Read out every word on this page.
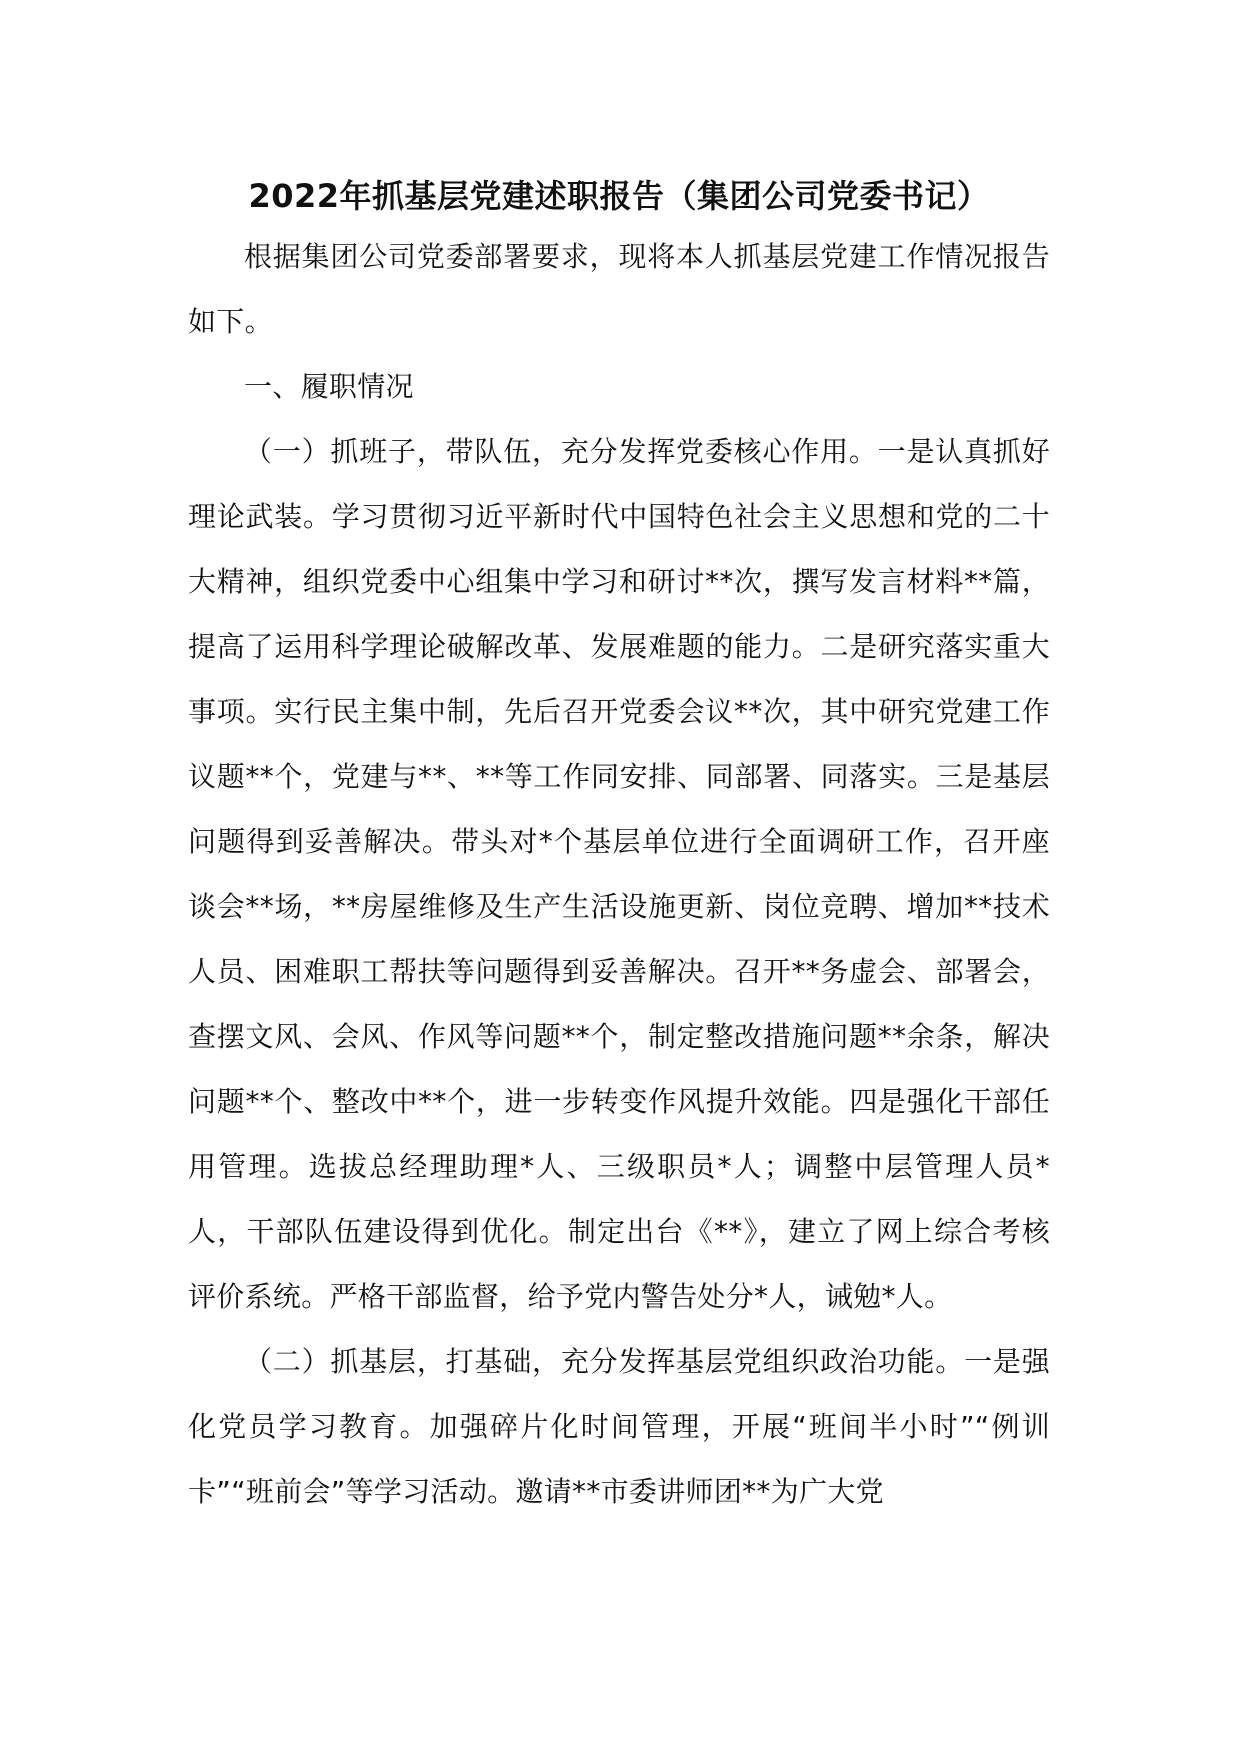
2022年抓基层党建述职报告（集团公司党委书记）

根据集团公司党委部署要求，现将本人抓基层党建工作情况报告如下。

一、履职情况

（一）抓班子，带队伍，充分发挥党委核心作用。一是认真抓好理论武装。学习贯彻习近平新时代中国特色社会主义思想和党的二十大精神，组织党委中心组集中学习和研讨**次，撰写发言材料**篇，提高了运用科学理论破解改革、发展难题的能力。二是研究落实重大事项。实行民主集中制，先后召开党委会议**次，其中研究党建工作议题**个，党建与**、**等工作同安排、同部署、同落实。三是基层问题得到妥善解决。带头对*个基层单位进行全面调研工作，召开座谈会**场，**房屋维修及生产生活设施更新、岗位竞聘、增加**技术人员、困难职工帮扶等问题得到妥善解决。召开**务虚会、部署会，查摆文风、会风、作风等问题**个，制定整改措施问题**余条，解决问题**个、整改中**个，进一步转变作风提升效能。四是强化干部任用管理。选拔总经理助理*人、三级职员*人；调整中层管理人员*人，干部队伍建设得到优化。制定出台《**》，建立了网上综合考核评价系统。严格干部监督，给予党内警告处分*人，诫勉*人。

（二）抓基层，打基础，充分发挥基层党组织政治功能。一是强化党员学习教育。加强碎片化时间管理，开展“班间半小时”“例训卡”“班前会”等学习活动。邀请**市委讲师团**为广大党
